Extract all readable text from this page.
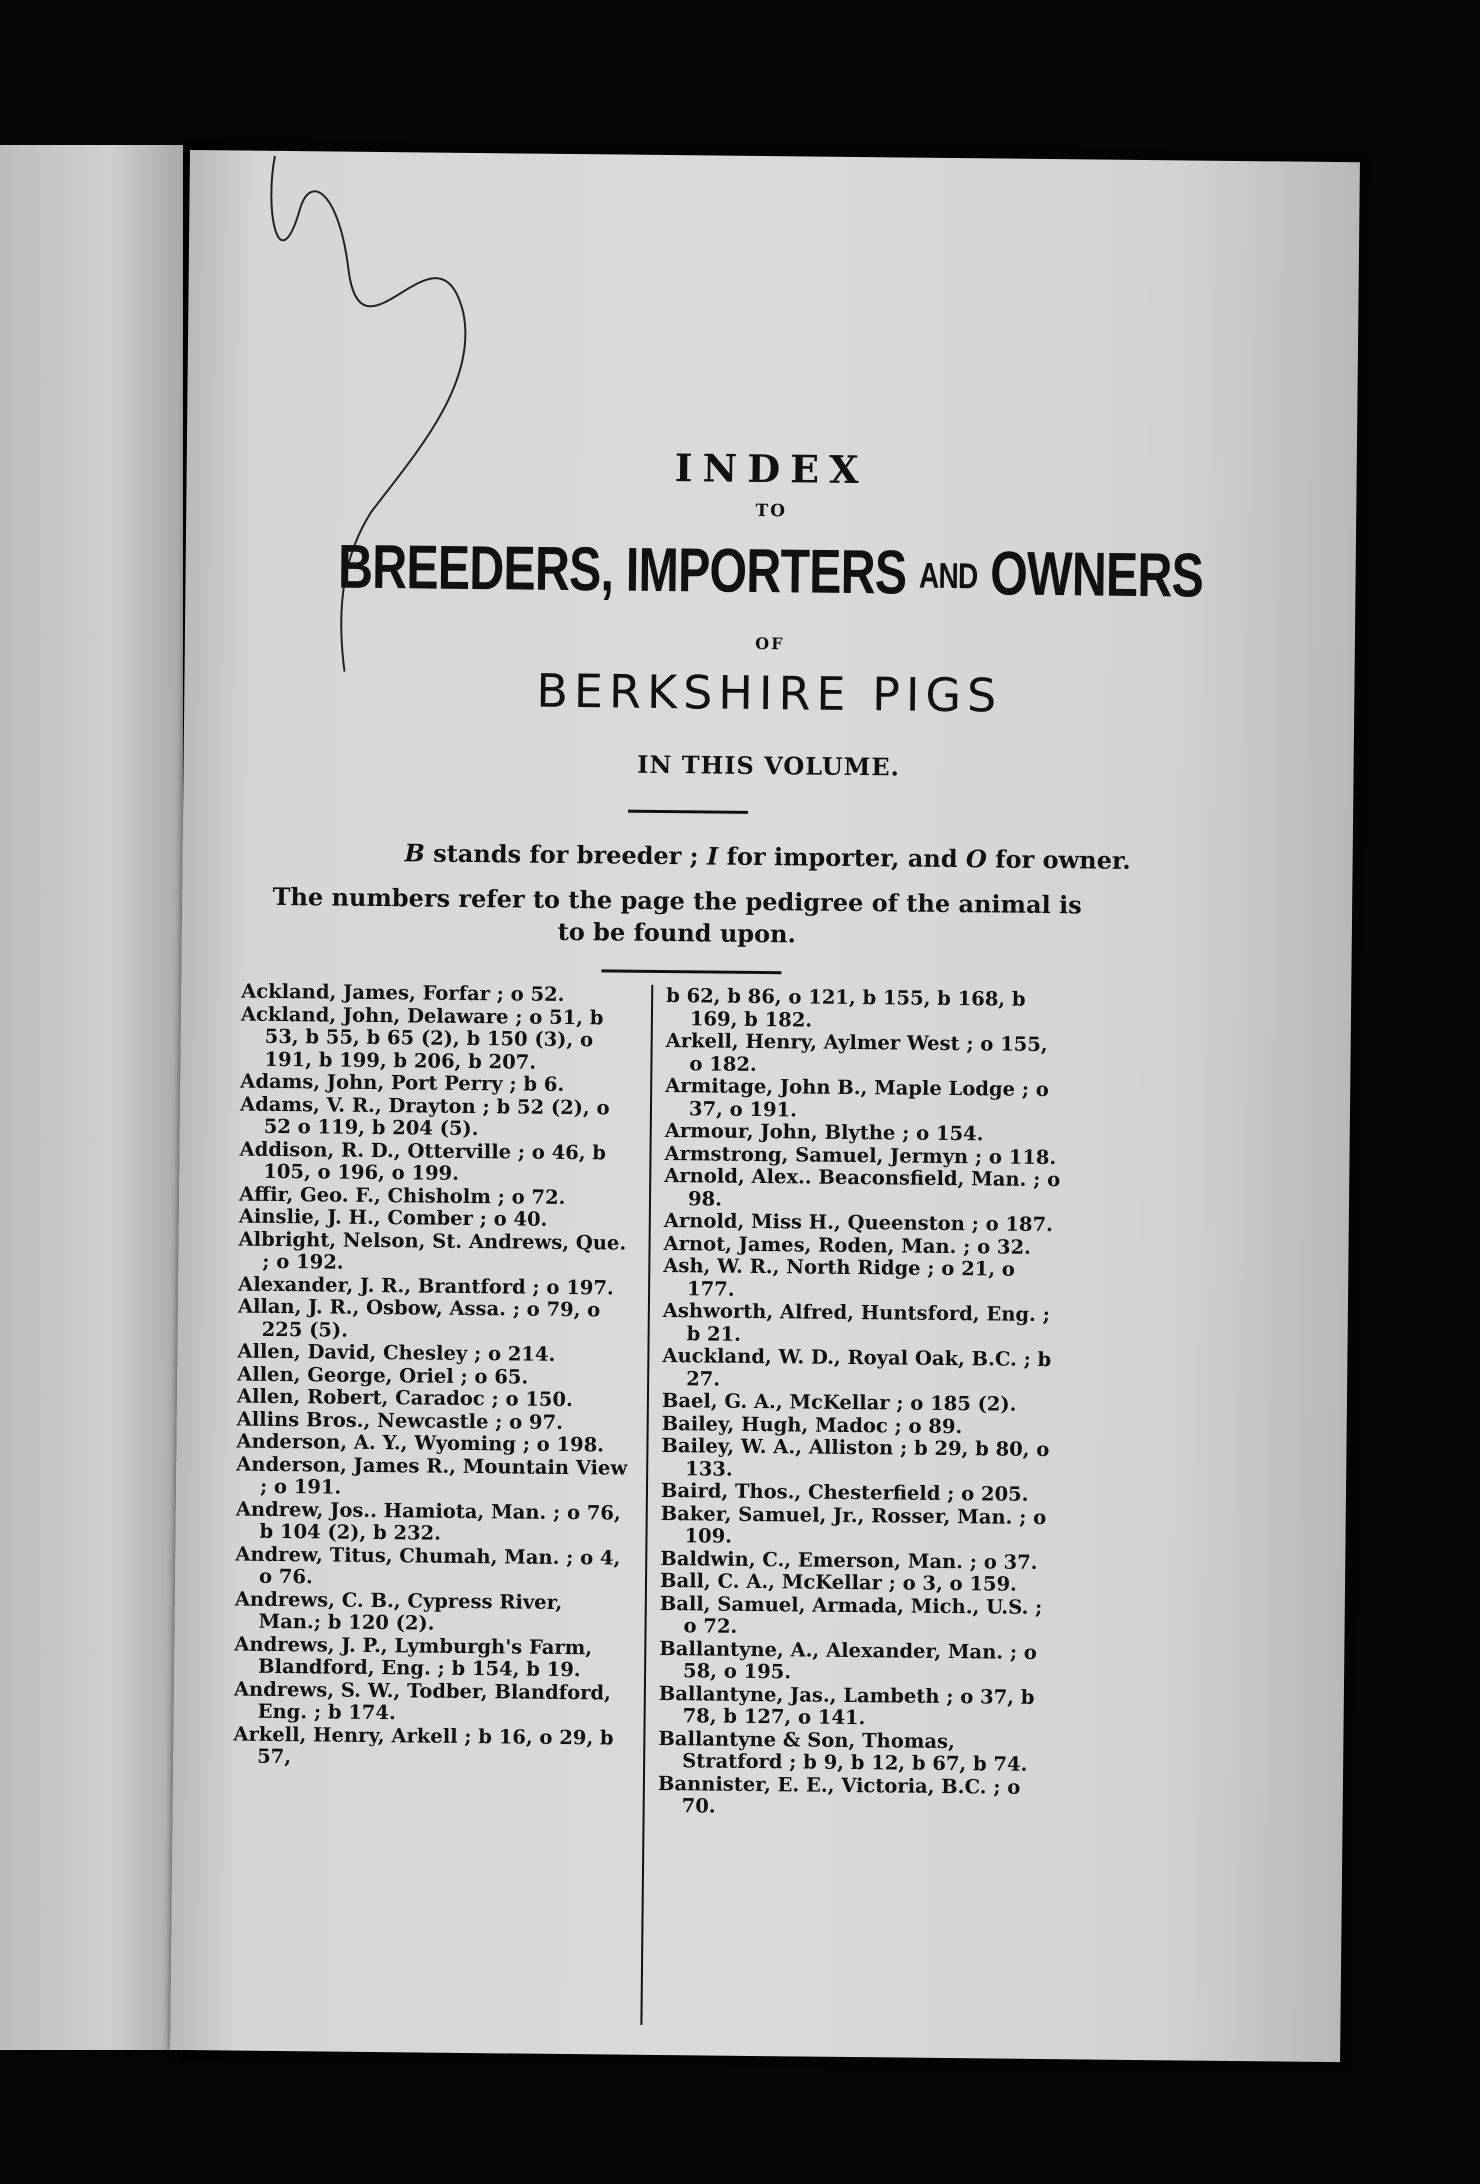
INDEX
TO
BREEDERS, IMPORTERS AND OWNERS
OF
BERKSHIRE PIGS
IN THIS VOLUME.
B stands for breeder ; I for importer, and O for owner.
The numbers refer to the page the pedigree of the animal is to be found upon.

Ackland, James, Forfar ; o 52.

Ackland, John, Delaware ; o 51, b 53, b 55, b 65 (2), b 150 (3), o 191, b 199, b 206, b 207.

Adams, John, Port Perry ; b 6.

Adams, V. R., Drayton ; b 52 (2), o 52 o 119, b 204 (5).

Addison, R. D., Otterville ; o 46, b 105, o 196, o 199.

Affir, Geo. F., Chisholm ; o 72.

Ainslie, J. H., Comber ; o 40.

Albright, Nelson, St. Andrews, Que. ; o 192.

Alexander, J. R., Brantford ; o 197.

Allan, J. R., Osbow, Assa. ; o 79, o 225 (5).

Allen, David, Chesley ; o 214.

Allen, George, Oriel ; o 65.

Allen, Robert, Caradoc ; o 150.

Allins Bros., Newcastle ; o 97.

Anderson, A. Y., Wyoming ; o 198.

Anderson, James R., Mountain View ; o 191.

Andrew, Jos.. Hamiota, Man. ; o 76, b 104 (2), b 232.

Andrew, Titus, Chumah, Man. ; o 4, o 76.

Andrews, C. B., Cypress River, Man.; b 120 (2).

Andrews, J. P., Lymburgh's Farm, Blandford, Eng. ; b 154, b 19.

Andrews, S. W., Todber, Blandford, Eng. ; b 174.

Arkell, Henry, Arkell ; b 16, o 29, b 57,

b 62, b 86, o 121, b 155, b 168, b 169, b 182.

Arkell, Henry, Aylmer West ; o 155, o 182.

Armitage, John B., Maple Lodge ; o 37, o 191.

Armour, John, Blythe ; o 154.

Armstrong, Samuel, Jermyn ; o 118.

Arnold, Alex.. Beaconsfield, Man. ; o 98.

Arnold, Miss H., Queenston ; o 187.

Arnot, James, Roden, Man. ; o 32.

Ash, W. R., North Ridge ; o 21, o 177.

Ashworth, Alfred, Huntsford, Eng. ; b 21.

Auckland, W. D., Royal Oak, B.C. ; b 27.

Bael, G. A., McKellar ; o 185 (2).

Bailey, Hugh, Madoc ; o 89.

Bailey, W. A., Alliston ; b 29, b 80, o 133.

Baird, Thos., Chesterfield ; o 205.

Baker, Samuel, Jr., Rosser, Man. ; o 109.

Baldwin, C., Emerson, Man. ; o 37.

Ball, C. A., McKellar ; o 3, o 159.

Ball, Samuel, Armada, Mich., U.S. ; o 72.

Ballantyne, A., Alexander, Man. ; o 58, o 195.

Ballantyne, Jas., Lambeth ; o 37, b 78, b 127, o 141.

Ballantyne & Son, Thomas, Stratford ; b 9, b 12, b 67, b 74.

Bannister, E. E., Victoria, B.C. ; o 70.
